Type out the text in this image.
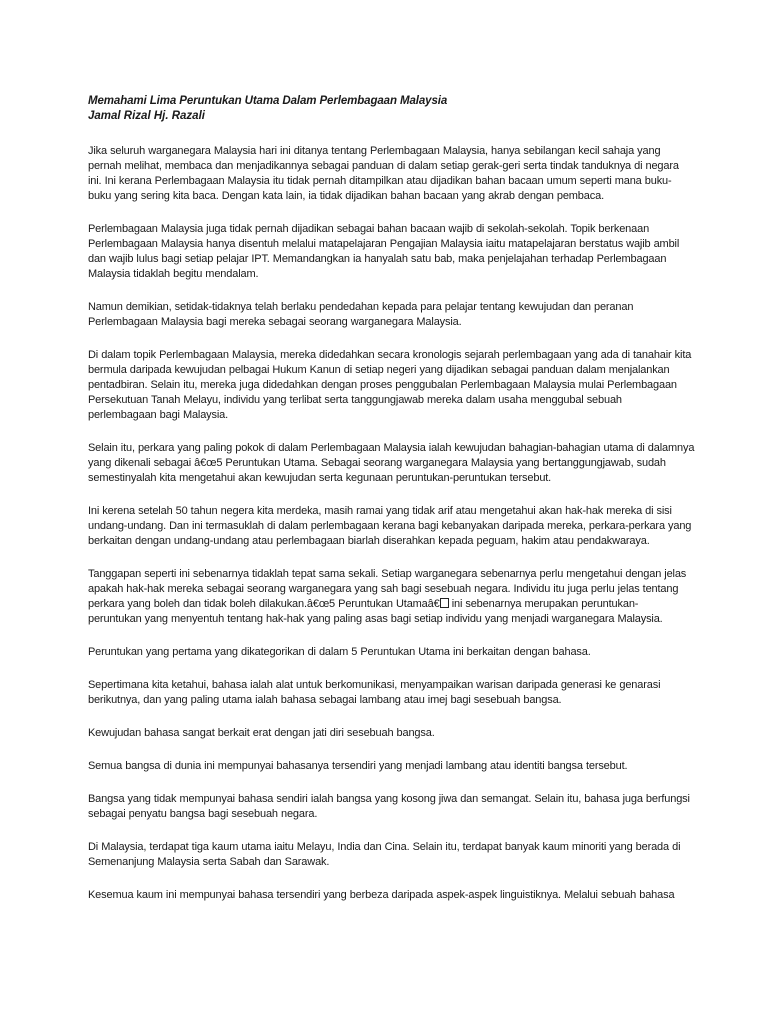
Memahami Lima Peruntukan Utama Dalam Perlembagaan Malaysia
Jamal Rizal Hj. Razali
Jika seluruh warganegara Malaysia hari ini ditanya tentang Perlembagaan Malaysia, hanya sebilangan kecil sahaja yang
pernah melihat, membaca dan menjadikannya sebagai panduan di dalam setiap gerak-geri serta tindak tanduknya di negara
ini. Ini kerana Perlembagaan Malaysia itu tidak pernah ditampilkan atau dijadikan bahan bacaan umum seperti mana buku-
buku yang sering kita baca. Dengan kata lain, ia tidak dijadikan bahan bacaan yang akrab dengan pembaca.
Perlembagaan Malaysia juga tidak pernah dijadikan sebagai bahan bacaan wajib di sekolah-sekolah. Topik berkenaan
Perlembagaan Malaysia hanya disentuh melalui matapelajaran Pengajian Malaysia iaitu matapelajaran berstatus wajib ambil
dan wajib lulus bagi setiap pelajar IPT. Memandangkan ia hanyalah satu bab, maka penjelajahan terhadap Perlembagaan
Malaysia tidaklah begitu mendalam.
Namun demikian, setidak-tidaknya telah berlaku pendedahan kepada para pelajar tentang kewujudan dan peranan
Perlembagaan Malaysia bagi mereka sebagai seorang warganegara Malaysia.
Di dalam topik Perlembagaan Malaysia, mereka didedahkan secara kronologis sejarah perlembagaan yang ada di tanahair kita
bermula daripada kewujudan pelbagai Hukum Kanun di setiap negeri yang dijadikan sebagai panduan dalam menjalankan
pentadbiran. Selain itu, mereka juga didedahkan dengan proses penggubalan Perlembagaan Malaysia mulai Perlembagaan
Persekutuan Tanah Melayu, individu yang terlibat serta tanggungjawab mereka dalam usaha menggubal sebuah
perlembagaan bagi Malaysia.
Selain itu, perkara yang paling pokok di dalam Perlembagaan Malaysia ialah kewujudan bahagian-bahagian utama di dalamnya
yang dikenali sebagai â€œ5 Peruntukan Utama. Sebagai seorang warganegara Malaysia yang bertanggungjawab, sudah
semestinyalah kita mengetahui akan kewujudan serta kegunaan peruntukan-peruntukan tersebut.
Ini kerena setelah 50 tahun negera kita merdeka, masih ramai yang tidak arif atau mengetahui akan hak-hak mereka di sisi
undang-undang. Dan ini termasuklah di dalam perlembagaan kerana bagi kebanyakan daripada mereka, perkara-perkara yang
berkaitan dengan undang-undang atau perlembagaan biarlah diserahkan kepada peguam, hakim atau pendakwaraya.
Tanggapan seperti ini sebenarnya tidaklah tepat sama sekali. Setiap warganegara sebenarnya perlu mengetahui dengan jelas
apakah hak-hak mereka sebagai seorang warganegara yang sah bagi sesebuah negara. Individu itu juga perlu jelas tentang
perkara yang boleh dan tidak boleh dilakukan.â€œ5 Peruntukan Utamaâ€ ini sebenarnya merupakan peruntukan-
peruntukan yang menyentuh tentang hak-hak yang paling asas bagi setiap individu yang menjadi warganegara Malaysia.
Peruntukan yang pertama yang dikategorikan di dalam 5 Peruntukan Utama ini berkaitan dengan bahasa.
Sepertimana kita ketahui, bahasa ialah alat untuk berkomunikasi, menyampaikan warisan daripada generasi ke genarasi
berikutnya, dan yang paling utama ialah bahasa sebagai lambang atau imej bagi sesebuah bangsa.
Kewujudan bahasa sangat berkait erat dengan jati diri sesebuah bangsa.
Semua bangsa di dunia ini mempunyai bahasanya tersendiri yang menjadi lambang atau identiti bangsa tersebut.
Bangsa yang tidak mempunyai bahasa sendiri ialah bangsa yang kosong jiwa dan semangat. Selain itu, bahasa juga berfungsi
sebagai penyatu bangsa bagi sesebuah negara.
Di Malaysia, terdapat tiga kaum utama iaitu Melayu, India dan Cina. Selain itu, terdapat banyak kaum minoriti yang berada di
Semenanjung Malaysia serta Sabah dan Sarawak.
Kesemua kaum ini mempunyai bahasa tersendiri yang berbeza daripada aspek-aspek linguistiknya. Melalui sebuah bahasa
